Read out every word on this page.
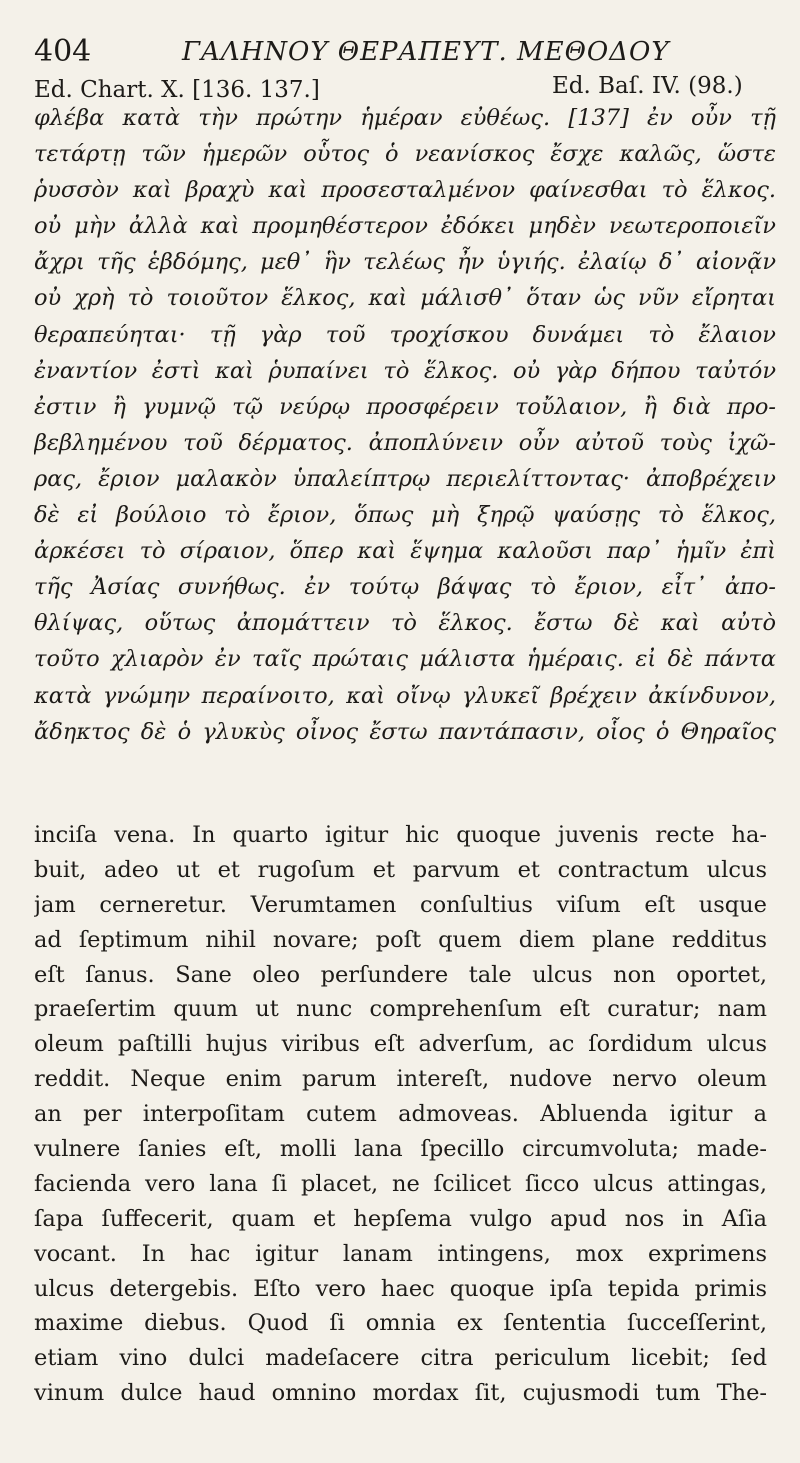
404	ΓΑΛΗΝΟΥ ΘΕΡΑΠΕΥΤ. ΜΕΘΟΔΟΥ
Ed. Chart. X. [136. 137.]	Ed. Baſ. IV. (98.)
φλέβα κατὰ τὴν πρώτην ἡμέραν εὐθέως. [137] ἐν οὖν τῇ
τετάρτῃ τῶν ἡμερῶν οὗτος ὁ νεανίσκος ἔσχε καλῶς, ὥστε
ῥυσσὸν καὶ βραχὺ καὶ προσεσταλμένον φαίνεσθαι τὸ ἕλκος.
οὐ μὴν ἀλλὰ καὶ προμηθέστερον ἐδόκει μηδὲν νεωτεροποιεῖν
ἄχρι τῆς ἑβδόμης, μεθ᾽ ἣν τελέως ἦν ὑγιής. ἐλαίῳ δ᾽ αἰονᾷν
οὐ χρὴ τὸ τοιοῦτον ἕλκος, καὶ μάλισθ᾽ ὅταν ὡς νῦν εἴρηται
θεραπεύηται· τῇ γὰρ τοῦ τροχίσκου δυνάμει τὸ ἔλαιον
ἐναντίον ἐστὶ καὶ ῥυπαίνει τὸ ἕλκος. οὐ γὰρ δήπου ταὐτόν
ἐστιν ἢ γυμνῷ τῷ νεύρῳ προσφέρειν τοὔλαιον, ἢ διὰ προ-
βεβλημένου τοῦ δέρματος. ἀποπλύνειν οὖν αὐτοῦ τοὺς ἰχῶ-
ρας, ἔριον μαλακὸν ὑπαλείπτρῳ περιελίττοντας· ἀποβρέχειν
δὲ εἰ βούλοιο τὸ ἔριον, ὅπως μὴ ξηρῷ ψαύσῃς τὸ ἕλκος,
ἀρκέσει τὸ σίραιον, ὅπερ καὶ ἕψημα καλοῦσι παρ᾽ ἡμῖν ἐπὶ
τῆς Ἀσίας συνήθως. ἐν τούτῳ βάψας τὸ ἔριον, εἶτ᾽ ἀπο-
θλίψας, οὕτως ἀπομάττειν τὸ ἕλκος. ἔστω δὲ καὶ αὐτὸ
τοῦτο χλιαρὸν ἐν ταῖς πρώταις μάλιστα ἡμέραις. εἰ δὲ πάντα
κατὰ γνώμην περαίνοιτο, καὶ οἴνῳ γλυκεῖ βρέχειν ἀκίνδυνον,
ἄδηκτος δὲ ὁ γλυκὺς οἶνος ἔστω παντάπασιν, οἷος ὁ Θηραῖος
inciſa vena. In quarto igitur hic quoque juvenis recte ha-
buit, adeo ut et rugoſum et parvum et contractum ulcus
jam cerneretur. Verumtamen conſultius viſum eſt usque
ad ſeptimum nihil novare; poſt quem diem plane redditus
eſt ſanus. Sane oleo perſundere tale ulcus non oportet,
praeſertim quum ut nunc comprehenſum eſt curatur; nam
oleum paſtilli hujus viribus eſt adverſum, ac ſordidum ulcus
reddit. Neque enim parum intereſt, nudove nervo oleum
an per interpoſitam cutem admoveas. Abluenda igitur a
vulnere ſanies eſt, molli lana ſpecillo circumvoluta; made-
facienda vero lana ſi placet, ne ſcilicet ſicco ulcus attingas,
ſapa ſuffecerit, quam et hepſema vulgo apud nos in Aſia
vocant. In hac igitur lanam intingens, mox exprimens
ulcus detergebis. Eſto vero haec quoque ipſa tepida primis
maxime diebus. Quod ſi omnia ex ſententia ſucceſſerint,
etiam vino dulci madeſacere citra periculum licebit; ſed
vinum dulce haud omnino mordax ſit, cujusmodi tum The-
